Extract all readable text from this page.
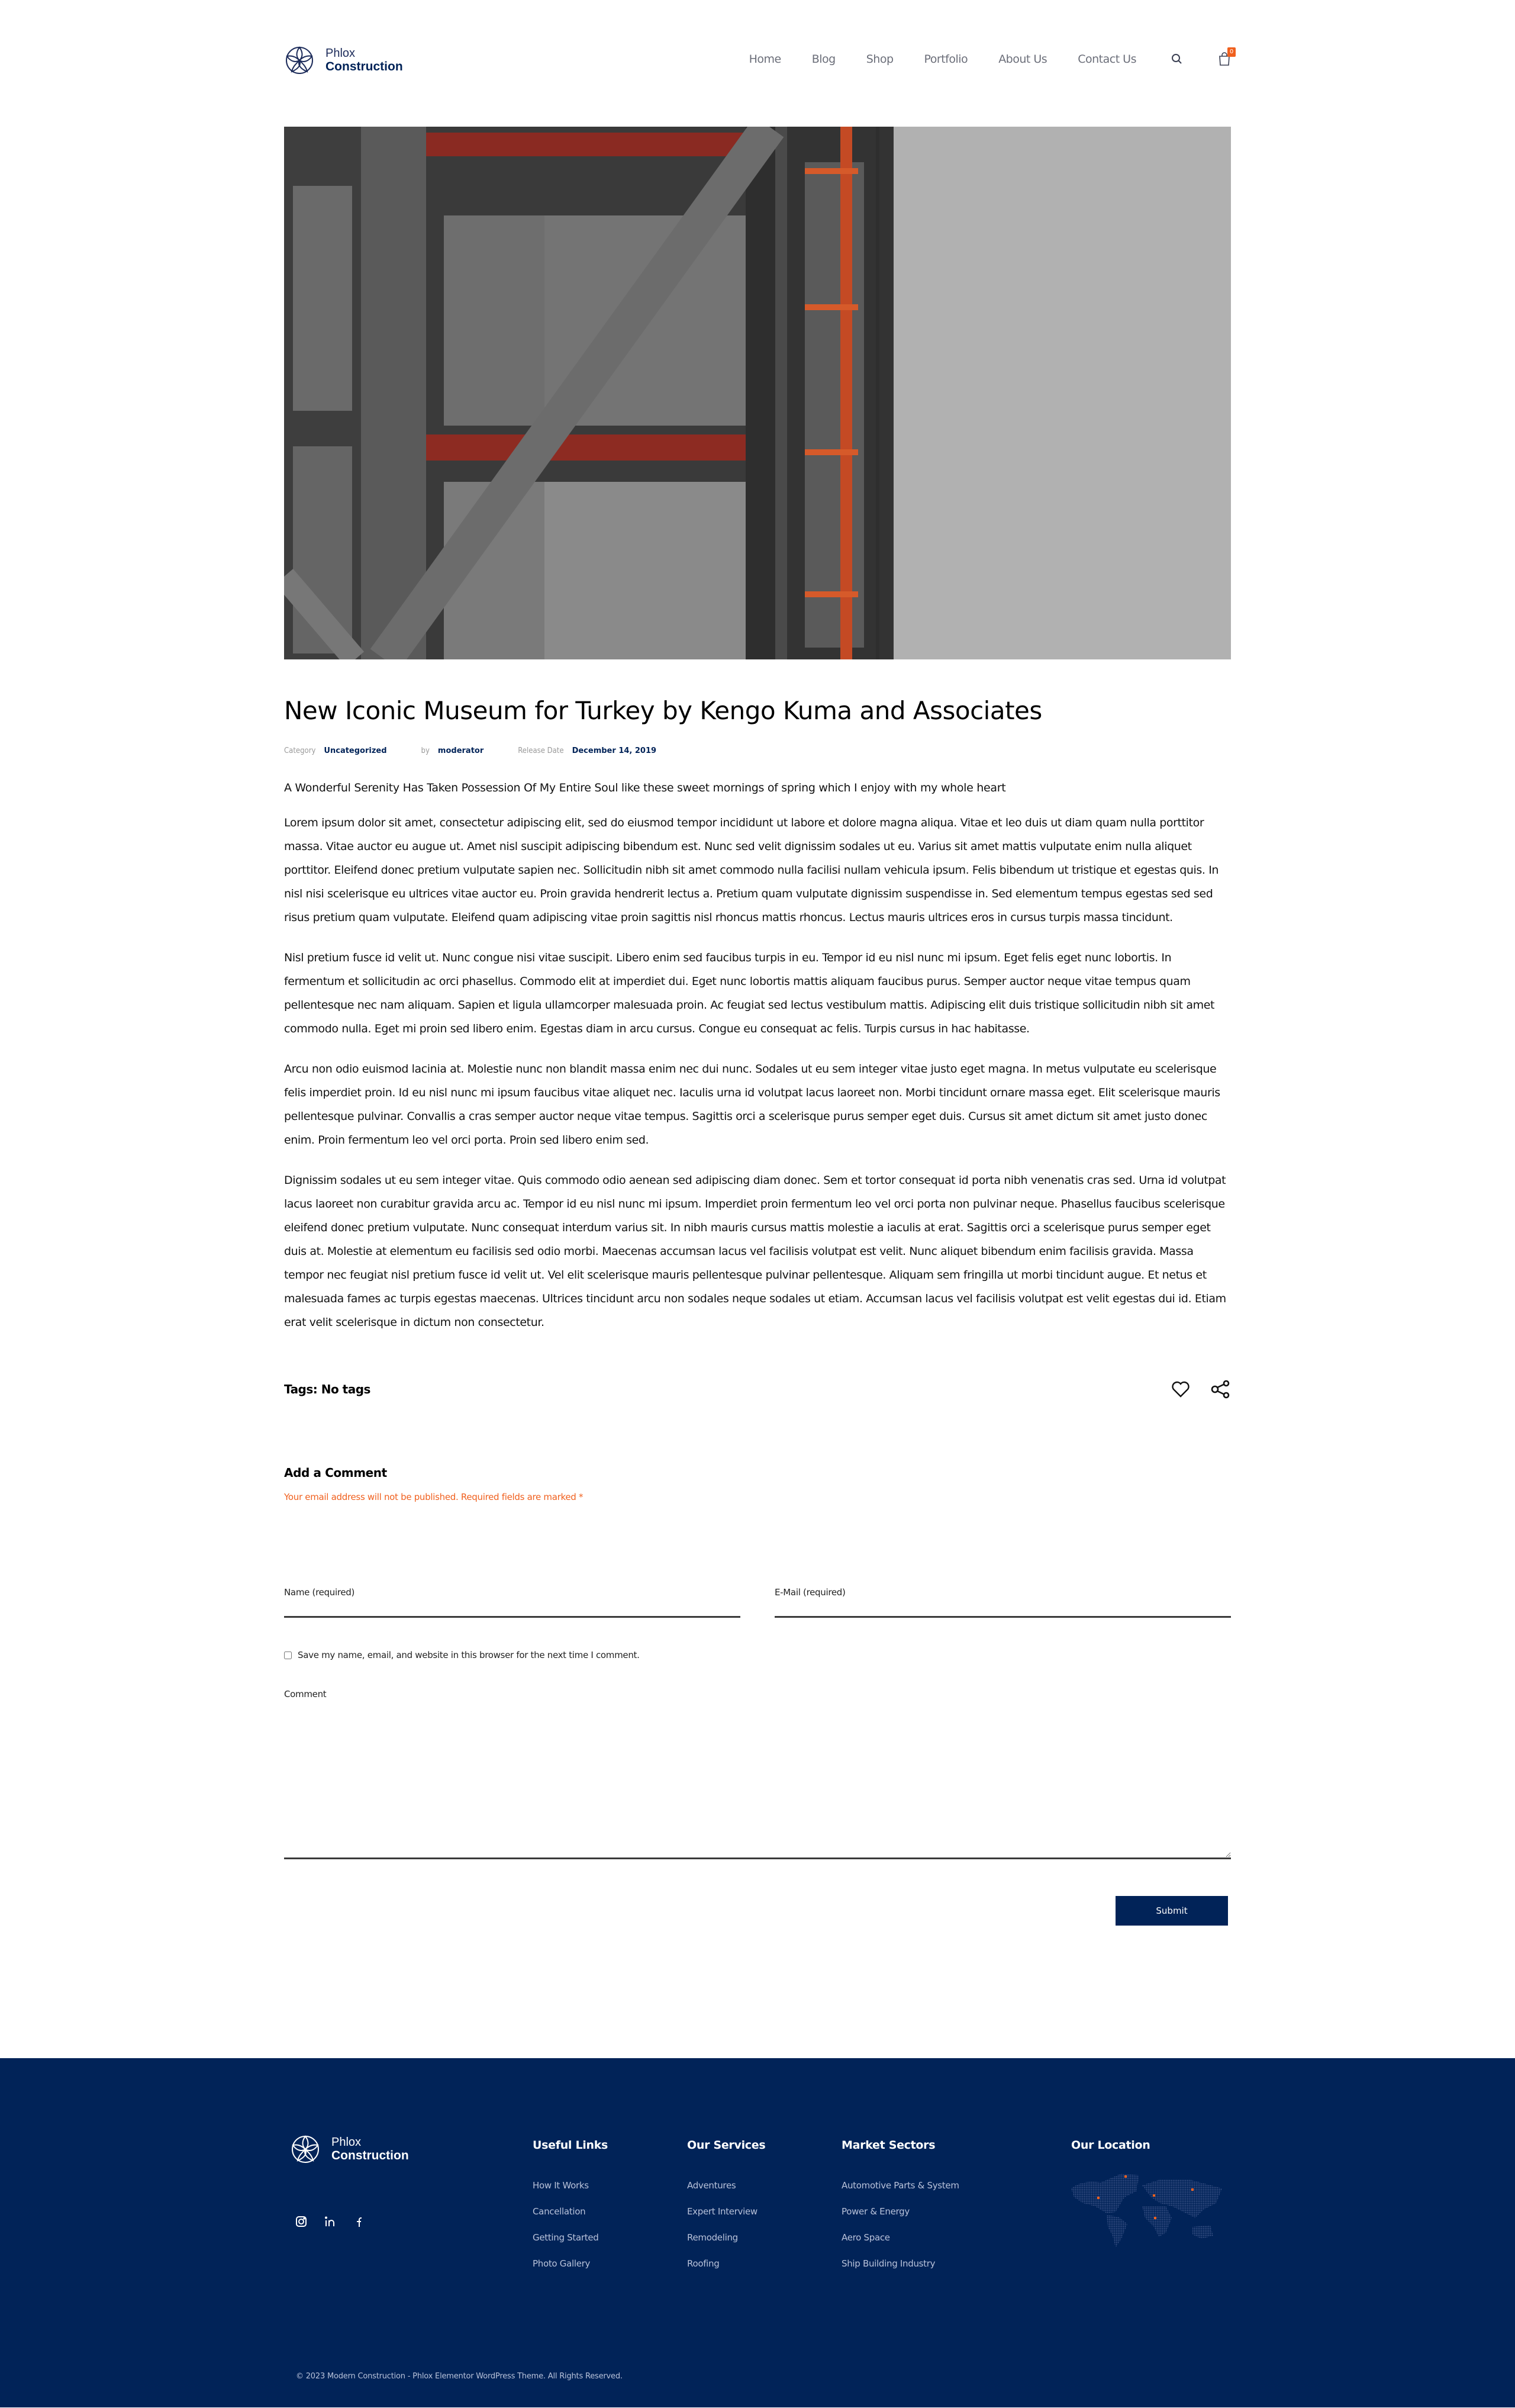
Phlox
Construction
Home	Blog	Shop	Portfolio	About Us	Contact Us
0
New Iconic Museum for Turkey by Kengo Kuma and Associates
Category Uncategorized	by moderator	Release Date December 14, 2019

A Wonderful Serenity Has Taken Possession Of My Entire Soul like these sweet mornings of spring which I enjoy with my whole heart

Lorem ipsum dolor sit amet, consectetur adipiscing elit, sed do eiusmod tempor incididunt ut labore et dolore magna aliqua. Vitae et leo duis ut diam quam nulla porttitor massa. Vitae auctor eu augue ut. Amet nisl suscipit adipiscing bibendum est. Nunc sed velit dignissim sodales ut eu. Varius sit amet mattis vulputate enim nulla aliquet porttitor. Eleifend donec pretium vulputate sapien nec. Sollicitudin nibh sit amet commodo nulla facilisi nullam vehicula ipsum. Felis bibendum ut tristique et egestas quis. In nisl nisi scelerisque eu ultrices vitae auctor eu. Proin gravida hendrerit lectus a. Pretium quam vulputate dignissim suspendisse in. Sed elementum tempus egestas sed sed risus pretium quam vulputate. Eleifend quam adipiscing vitae proin sagittis nisl rhoncus mattis rhoncus. Lectus mauris ultrices eros in cursus turpis massa tincidunt.

Nisl pretium fusce id velit ut. Nunc congue nisi vitae suscipit. Libero enim sed faucibus turpis in eu. Tempor id eu nisl nunc mi ipsum. Eget felis eget nunc lobortis. In fermentum et sollicitudin ac orci phasellus. Commodo elit at imperdiet dui. Eget nunc lobortis mattis aliquam faucibus purus. Semper auctor neque vitae tempus quam pellentesque nec nam aliquam. Sapien et ligula ullamcorper malesuada proin. Ac feugiat sed lectus vestibulum mattis. Adipiscing elit duis tristique sollicitudin nibh sit amet commodo nulla. Eget mi proin sed libero enim. Egestas diam in arcu cursus. Congue eu consequat ac felis. Turpis cursus in hac habitasse.

Arcu non odio euismod lacinia at. Molestie nunc non blandit massa enim nec dui nunc. Sodales ut eu sem integer vitae justo eget magna. In metus vulputate eu scelerisque felis imperdiet proin. Id eu nisl nunc mi ipsum faucibus vitae aliquet nec. Iaculis urna id volutpat lacus laoreet non. Morbi tincidunt ornare massa eget. Elit scelerisque mauris pellentesque pulvinar. Convallis a cras semper auctor neque vitae tempus. Sagittis orci a scelerisque purus semper eget duis. Cursus sit amet dictum sit amet justo donec enim. Proin fermentum leo vel orci porta. Proin sed libero enim sed.

Dignissim sodales ut eu sem integer vitae. Quis commodo odio aenean sed adipiscing diam donec. Sem et tortor consequat id porta nibh venenatis cras sed. Urna id volutpat lacus laoreet non curabitur gravida arcu ac. Tempor id eu nisl nunc mi ipsum. Imperdiet proin fermentum leo vel orci porta non pulvinar neque. Phasellus faucibus scelerisque eleifend donec pretium vulputate. Nunc consequat interdum varius sit. In nibh mauris cursus mattis molestie a iaculis at erat. Sagittis orci a scelerisque purus semper eget duis at. Molestie at elementum eu facilisis sed odio morbi. Maecenas accumsan lacus vel facilisis volutpat est velit. Nunc aliquet bibendum enim facilisis gravida. Massa tempor nec feugiat nisl pretium fusce id velit ut. Vel elit scelerisque mauris pellentesque pulvinar pellentesque. Aliquam sem fringilla ut morbi tincidunt augue. Et netus et malesuada fames ac turpis egestas maecenas. Ultrices tincidunt arcu non sodales neque sodales ut etiam. Accumsan lacus vel facilisis volutpat est velit egestas dui id. Etiam erat velit scelerisque in dictum non consectetur.

Tags: No tags
Add a Comment

Your email address will not be published. Required fields are marked *

Name (required)	E-Mail (required)
Save my name, email, and website in this browser for the next time I comment.
Comment
Submit
Phlox
Construction
Useful Links
How It Works
Cancellation
Getting Started
Photo Gallery
Our Services
Adventures
Expert Interview
Remodeling
Roofing
Market Sectors
Automotive Parts & System
Power & Energy
Aero Space
Ship Building Industry
Our Location
© 2023 Modern Construction - Phlox Elementor WordPress Theme. All Rights Reserved.
